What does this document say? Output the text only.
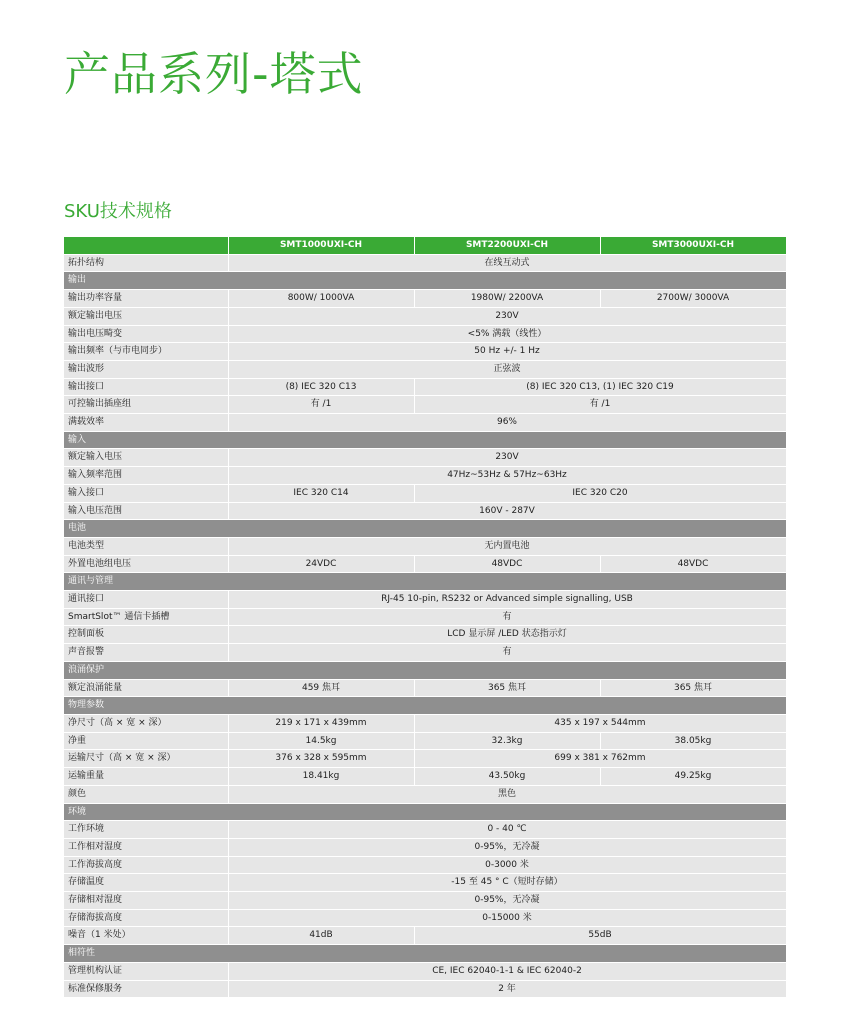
产品系列-塔式
SKU技术规格
	SMT1000UXI-CH	SMT2200UXI-CH	SMT3000UXI-CH
拓扑结构	在线互动式		
输出			
输出功率容量	800W/ 1000VA	1980W/ 2200VA	2700W/ 3000VA
额定输出电压	230V		
输出电压畸变	<5% 满载（线性）		
输出频率（与市电同步）	50 Hz +/- 1 Hz		
输出波形	正弦波		
输出接口	(8) IEC 320 C13	(8) IEC 320 C13, (1) IEC 320 C19	
可控输出插座组	有 /1	有 /1	
满载效率	96%		
输入			
额定输入电压	230V		
输入频率范围	47Hz~53Hz & 57Hz~63Hz		
输入接口	IEC 320 C14	IEC 320 C20	
输入电压范围	160V - 287V		
电池			
电池类型	无内置电池		
外置电池组电压	24VDC	48VDC	48VDC
通讯与管理			
通讯接口	RJ-45 10-pin, RS232 or Advanced simple signalling, USB		
SmartSlot™ 通信卡插槽	有		
控制面板	LCD 显示屏 /LED 状态指示灯		
声音报警	有		
浪涌保护			
额定浪涌能量	459 焦耳	365 焦耳	365 焦耳
物理参数			
净尺寸（高 × 宽 × 深）	219 x 171 x 439mm	435 x 197 x 544mm	
净重	14.5kg	32.3kg	38.05kg
运输尺寸（高 × 宽 × 深）	376 x 328 x 595mm	699 x 381 x 762mm	
运输重量	18.41kg	43.50kg	49.25kg
颜色	黑色		
环境			
工作环境	0 - 40 ℃		
工作相对湿度	0-95%，无冷凝		
工作海拔高度	0-3000 米		
存储温度	-15 至 45 ° C（短时存储）		
存储相对湿度	0-95%，无冷凝		
存储海拔高度	0-15000 米		
噪音（1 米处）	41dB	55dB	
相符性			
管理机构认证	CE, IEC 62040-1-1 & IEC 62040-2		
标准保修服务	2 年		
